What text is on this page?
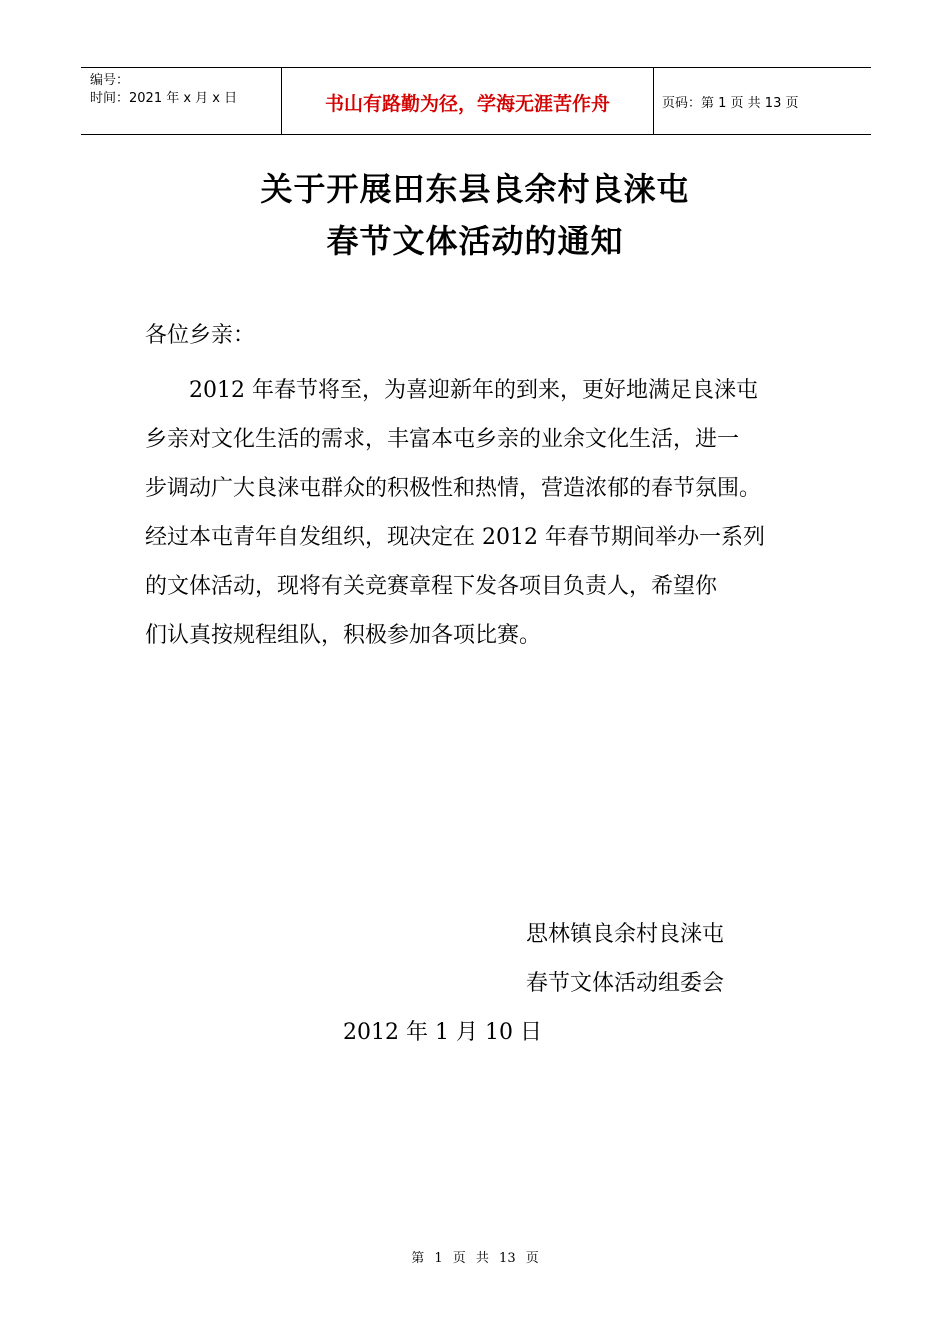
编号：
时间：2021 年 x 月 x 日	书山有路勤为径，学海无涯苦作舟	页码：第 1 页 共 13 页
关于开展田东县良余村良涞屯
春节文体活动的通知
各位乡亲：
2012 年春节将至，为喜迎新年的到来，更好地满足良涞屯
乡亲对文化生活的需求，丰富本屯乡亲的业余文化生活，进一
步调动广大良涞屯群众的积极性和热情，营造浓郁的春节氛围。
经过本屯青年自发组织，现决定在 2012 年春节期间举办一系列
的文体活动，现将有关竞赛章程下发各项目负责人，希望你
们认真按规程组队，积极参加各项比赛。
思林镇良余村良涞屯
春节文体活动组委会
2012 年 1 月 10 日
第 1 页 共 13 页
